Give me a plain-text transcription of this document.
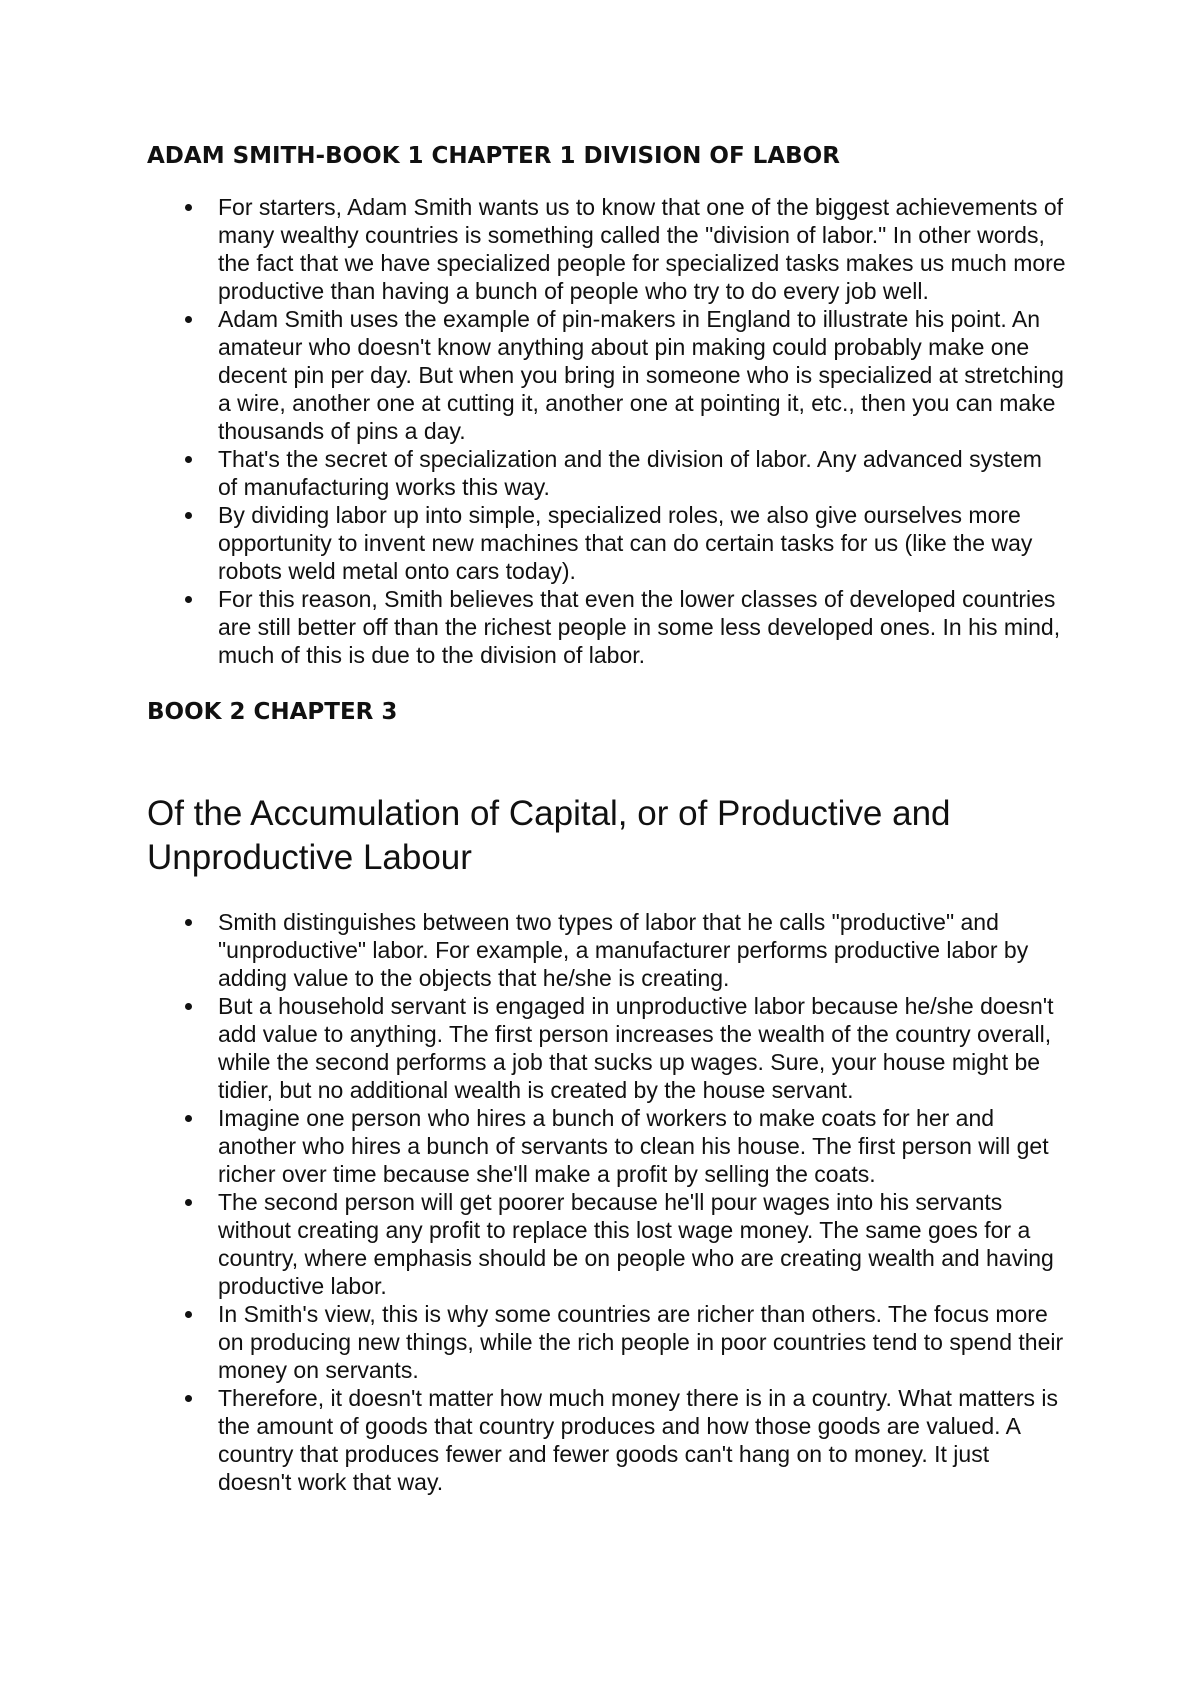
ADAM SMITH-BOOK 1 CHAPTER 1 DIVISION OF LABOR
For starters, Adam Smith wants us to know that one of the biggest achievements of many wealthy countries is something called the "division of labor." In other words, the fact that we have specialized people for specialized tasks makes us much more productive than having a bunch of people who try to do every job well.
Adam Smith uses the example of pin-makers in England to illustrate his point. An amateur who doesn't know anything about pin making could probably make one decent pin per day. But when you bring in someone who is specialized at stretching a wire, another one at cutting it, another one at pointing it, etc., then you can make thousands of pins a day.
That's the secret of specialization and the division of labor. Any advanced system of manufacturing works this way.
By dividing labor up into simple, specialized roles, we also give ourselves more opportunity to invent new machines that can do certain tasks for us (like the way robots weld metal onto cars today).
For this reason, Smith believes that even the lower classes of developed countries are still better off than the richest people in some less developed ones. In his mind, much of this is due to the division of labor.
BOOK 2 CHAPTER 3
Of the Accumulation of Capital, or of Productive and Unproductive Labour
Smith distinguishes between two types of labor that he calls "productive" and "unproductive" labor. For example, a manufacturer performs productive labor by adding value to the objects that he/she is creating.
But a household servant is engaged in unproductive labor because he/she doesn't add value to anything. The first person increases the wealth of the country overall, while the second performs a job that sucks up wages. Sure, your house might be tidier, but no additional wealth is created by the house servant.
Imagine one person who hires a bunch of workers to make coats for her and another who hires a bunch of servants to clean his house. The first person will get richer over time because she'll make a profit by selling the coats.
The second person will get poorer because he'll pour wages into his servants without creating any profit to replace this lost wage money. The same goes for a country, where emphasis should be on people who are creating wealth and having productive labor.
In Smith's view, this is why some countries are richer than others. The focus more on producing new things, while the rich people in poor countries tend to spend their money on servants.
Therefore, it doesn't matter how much money there is in a country. What matters is the amount of goods that country produces and how those goods are valued. A country that produces fewer and fewer goods can't hang on to money. It just doesn't work that way.
